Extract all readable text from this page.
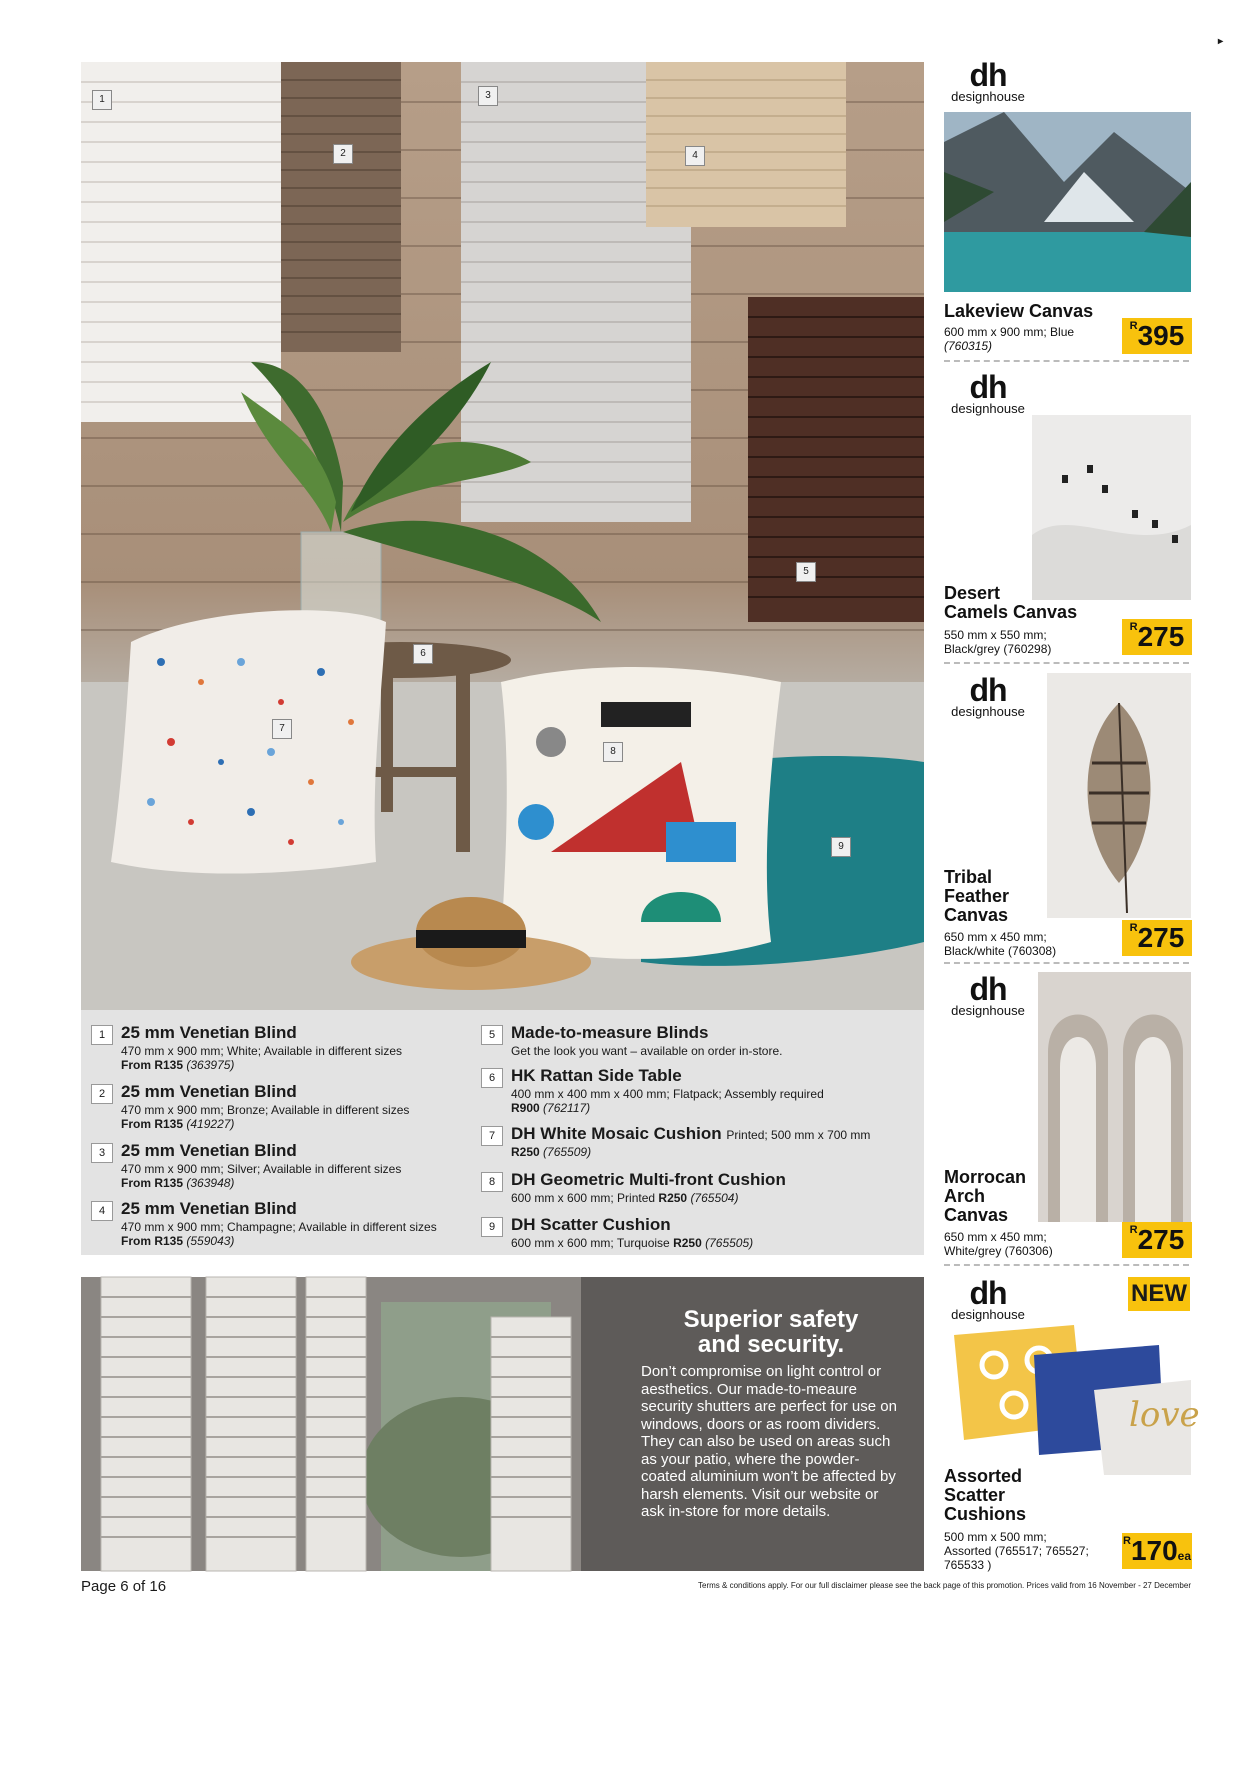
▸
1
2
3
4
5
6
7
8
9
1 25 mm Venetian Blind
470 mm x 900 mm; White; Available in different sizes
From R135 (363975)
2 25 mm Venetian Blind
470 mm x 900 mm; Bronze; Available in different sizes
From R135 (419227)
3 25 mm Venetian Blind
470 mm x 900 mm; Silver; Available in different sizes
From R135 (363948)
4 25 mm Venetian Blind
470 mm x 900 mm; Champagne; Available in different sizes
From R135 (559043)
5 Made-to-measure Blinds
Get the look you want – available on order in-store.
6 HK Rattan Side Table
400 mm x 400 mm x 400 mm; Flatpack; Assembly required
R900 (762117)
7 DH White Mosaic Cushion Printed; 500 mm x 700 mm
R250 (765509)
8 DH Geometric Multi-front Cushion
600 mm x 600 mm; Printed R250 (765504)
9 DH Scatter Cushion
600 mm x 600 mm; Turquoise R250 (765505)
Superior safety
and security.
Don’t compromise on light control or aesthetics. Our made-to-meaure security shutters are perfect for use on windows, doors or as room dividers. They can also be used on areas such as your patio, where the powder-coated aluminium won’t be affected by harsh elements. Visit our website or ask in-store for more details.
dh
designhouse
Lakeview Canvas
600 mm x 900 mm; Blue
(760315)
$^R$395
dh
designhouse
Desert
Camels Canvas
550 mm x 550 mm;
Black/grey (760298)
$^R$275
dh
designhouse
Tribal
Feather
Canvas
650 mm x 450 mm;
Black/white (760308)
$^R$275
dh
designhouse
Morrocan
Arch
Canvas
650 mm x 450 mm;
White/grey (760306)
$^R$275
dh
designhouse
NEW
love
Assorted
Scatter
Cushions
500 mm x 500 mm;
Assorted (765517; 765527;
765533 )
$^R$170ea
Page 6 of 16	Terms & conditions apply. For our full disclaimer please see the back page of this promotion. Prices valid from 16 November - 27 December
